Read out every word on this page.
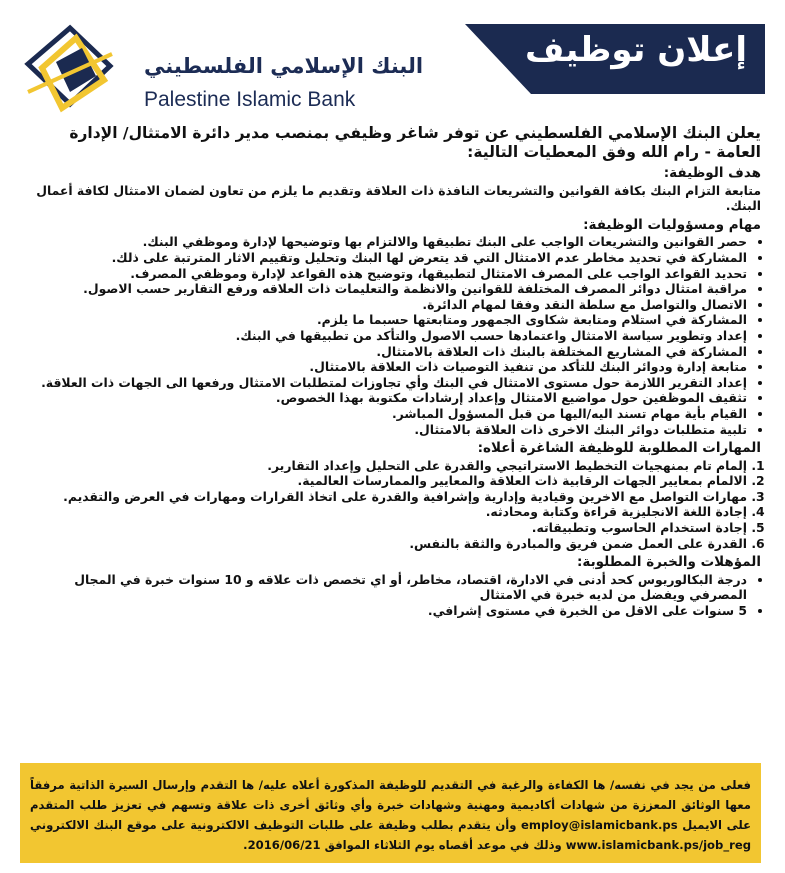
البنك الإسلامي الفلسطيني
Palestine Islamic Bank
إعلان توظيف

يعلن البنك الإسلامي الفلسطيني عن توفر شاغر وظيفي بمنصب مدير دائرة الامتثال/ الإدارة العامة - رام الله وفق المعطيات التالية:

هدف الوظيفة:

متابعة التزام البنك بكافة القوانين والتشريعات النافذة ذات العلاقة وتقديم ما يلزم من تعاون لضمان الامتثال لكافة أعمال البنك.

مهام ومسؤوليات الوظيفة:
• حصر القوانين والتشريعات الواجب على البنك تطبيقها والالتزام بها وتوضيحها لإدارة وموظفي البنك.
• المشاركة في تحديد مخاطر عدم الامتثال التي قد يتعرض لها البنك وتحليل وتقييم الاثار المترتبة على ذلك.
• تحديد القواعد الواجب على المصرف الامتثال لتطبيقها، وتوضيح هذه القواعد لإدارة وموظفي المصرف.
• مراقبة امتثال دوائر المصرف المختلفة للقوانين والانظمة والتعليمات ذات العلاقه ورفع التقارير حسب الاصول.
• الاتصال والتواصل مع سلطة النقد وفقا لمهام الدائرة.
• المشاركة في استلام ومتابعة شكاوى الجمهور ومتابعتها حسبما ما يلزم.
• إعداد وتطوير سياسة الامتثال واعتمادها حسب الاصول والتأكد من تطبيقها في البنك.
• المشاركة في المشاريع المختلفة بالبنك ذات العلاقة بالامتثال.
• متابعة إدارة ودوائر البنك للتأكد من تنفيذ التوصيات ذات العلاقة بالامتثال.
• إعداد التقرير اللازمة حول مستوى الامتثال في البنك وأي تجاوزات لمتطلبات الامتثال ورفعها الى الجهات ذات العلاقة.
• تثقيف الموظفين حول مواضيع الامتثال وإعداد إرشادات مكتوبة بهذا الخصوص.
• القيام بأية مهام تسند اليه/اليها من قبل المسؤول المباشر.
• تلبية متطلبات دوائر البنك الاخرى ذات العلاقة بالامتثال.
المهارات المطلوبة للوظيفة الشاغرة أعلاه:
1. إلمام تام بمنهجيات التخطيط الاستراتيجي والقدرة على التحليل وإعداد التقارير.
2. الالمام بمعايير الجهات الرقابية ذات العلاقة والمعايير والممارسات العالمية.
3. مهارات التواصل مع الاخرين وقيادية وإدارية وإشرافية والقدرة على اتخاذ القرارات ومهارات في العرض والتقديم.
4. إجادة اللغة الانجليزية قراءة وكتابة ومحادثه.
5. إجادة استخدام الحاسوب وتطبيقاته.
6. القدرة على العمل ضمن فريق والمبادرة والثقة بالنفس.
المؤهلات والخبرة المطلوبة:
• درجة البكالوريوس كحد أدنى في الادارة، اقتصاد، مخاطر، أو اي تخصص ذات علاقه و 10 سنوات خبرة في المجال المصرفي ويفضل من لديه خبرة في الامتثال
• 5 سنوات على الاقل من الخبرة في مستوى إشرافي.
فعلى من يجد في نفسه/ ها الكفاءة والرغبة في التقديم للوظيفة المذكورة أعلاه عليه/ ها التقدم وإرسال السيرة الذاتية مرفقاً معها الوثائق المعززة من شهادات أكاديمية ومهنية وشهادات خبرة وأي وثائق أخرى ذات علاقة وتسهم في تعزيز طلب المتقدم على الايميل employ@islamicbank.ps وأن يتقدم بطلب وظيفة على طلبات التوظيف الالكترونية على موقع البنك الالكتروني www.islamicbank.ps/job_reg وذلك في موعد أقصاه يوم الثلاثاء الموافق 2016/06/21.
